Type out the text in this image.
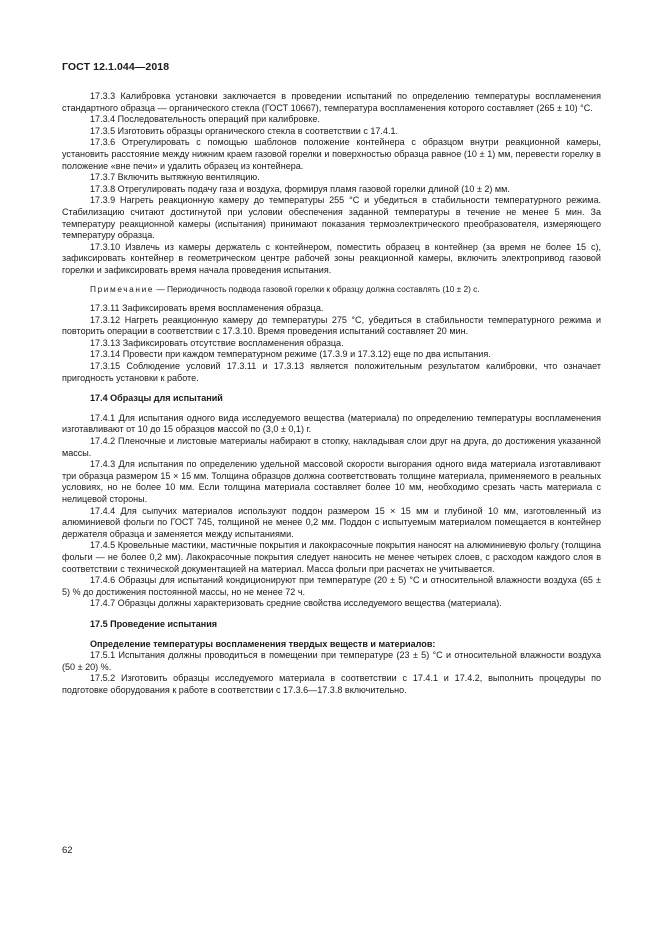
ГОСТ 12.1.044—2018

17.3.3 Калибровка установки заключается в проведении испытаний по определению температуры воспламенения стандартного образца — органического стекла (ГОСТ 10667), температура воспламенения которого составляет (265 ± 10) °С.

17.3.4 Последовательность операций при калибровке.

17.3.5 Изготовить образцы органического стекла в соответствии с 17.4.1.

17.3.6 Отрегулировать с помощью шаблонов положение контейнера с образцом внутри реакционной камеры, установить расстояние между нижним краем газовой горелки и поверхностью образца равное (10 ± 1) мм, перевести горелку в положение «вне печи» и удалить образец из контейнера.

17.3.7 Включить вытяжную вентиляцию.

17.3.8 Отрегулировать подачу газа и воздуха, формируя пламя газовой горелки длиной (10 ± 2) мм.

17.3.9 Нагреть реакционную камеру до температуры 255 °С и убедиться в стабильности температурного режима. Стабилизацию считают достигнутой при условии обеспечения заданной температуры в течение не менее 5 мин. За температуру реакционной камеры (испытания) принимают показания термоэлектрического преобразователя, измеряющего температуру образца.

17.3.10 Извлечь из камеры держатель с контейнером, поместить образец в контейнер (за время не более 15 с), зафиксировать контейнер в геометрическом центре рабочей зоны реакционной камеры, включить электропривод газовой горелки и зафиксировать время начала проведения испытания.

Примечание — Периодичность подвода газовой горелки к образцу должна составлять (10 ± 2) с.

17.3.11 Зафиксировать время воспламенения образца.

17.3.12 Нагреть реакционную камеру до температуры 275 °С, убедиться в стабильности температурного режима и повторить операции в соответствии с 17.3.10. Время проведения испытаний составляет 20 мин.

17.3.13 Зафиксировать отсутствие воспламенения образца.

17.3.14 Провести при каждом температурном режиме (17.3.9 и 17.3.12) еще по два испытания.

17.3.15 Соблюдение условий 17.3.11 и 17.3.13 является положительным результатом калибровки, что означает пригодность установки к работе.

17.4 Образцы для испытаний

17.4.1 Для испытания одного вида исследуемого вещества (материала) по определению температуры воспламенения изготавливают от 10 до 15 образцов массой по (3,0 ± 0,1) г.

17.4.2 Пленочные и листовые материалы набирают в стопку, накладывая слои друг на друга, до достижения указанной массы.

17.4.3 Для испытания по определению удельной массовой скорости выгорания одного вида материала изготавливают три образца размером 15 × 15 мм. Толщина образцов должна соответствовать толщине материала, применяемого в реальных условиях, но не более 10 мм. Если толщина материала составляет более 10 мм, необходимо срезать часть материала с нелицевой стороны.

17.4.4 Для сыпучих материалов используют поддон размером 15 × 15 мм и глубиной 10 мм, изготовленный из алюминиевой фольги по ГОСТ 745, толщиной не менее 0,2 мм. Поддон с испытуемым материалом помещается в контейнер держателя образца и заменяется между испытаниями.

17.4.5 Кровельные мастики, мастичные покрытия и лакокрасочные покрытия наносят на алюминиевую фольгу (толщина фольги — не более 0,2 мм). Лакокрасочные покрытия следует наносить не менее четырех слоев, с расходом каждого слоя в соответствии с технической документацией на материал. Масса фольги при расчетах не учитывается.

17.4.6 Образцы для испытаний кондиционируют при температуре (20 ± 5) °С и относительной влажности воздуха (65 ± 5) % до достижения постоянной массы, но не менее 72 ч.

17.4.7 Образцы должны характеризовать средние свойства исследуемого вещества (материала).

17.5 Проведение испытания

Определение температуры воспламенения твердых веществ и материалов:

17.5.1 Испытания должны проводиться в помещении при температуре (23 ± 5) °С и относительной влажности воздуха (50 ± 20) %.

17.5.2 Изготовить образцы исследуемого материала в соответствии с 17.4.1 и 17.4.2, выполнить процедуры по подготовке оборудования к работе в соответствии с 17.3.6—17.3.8 включительно.

62
